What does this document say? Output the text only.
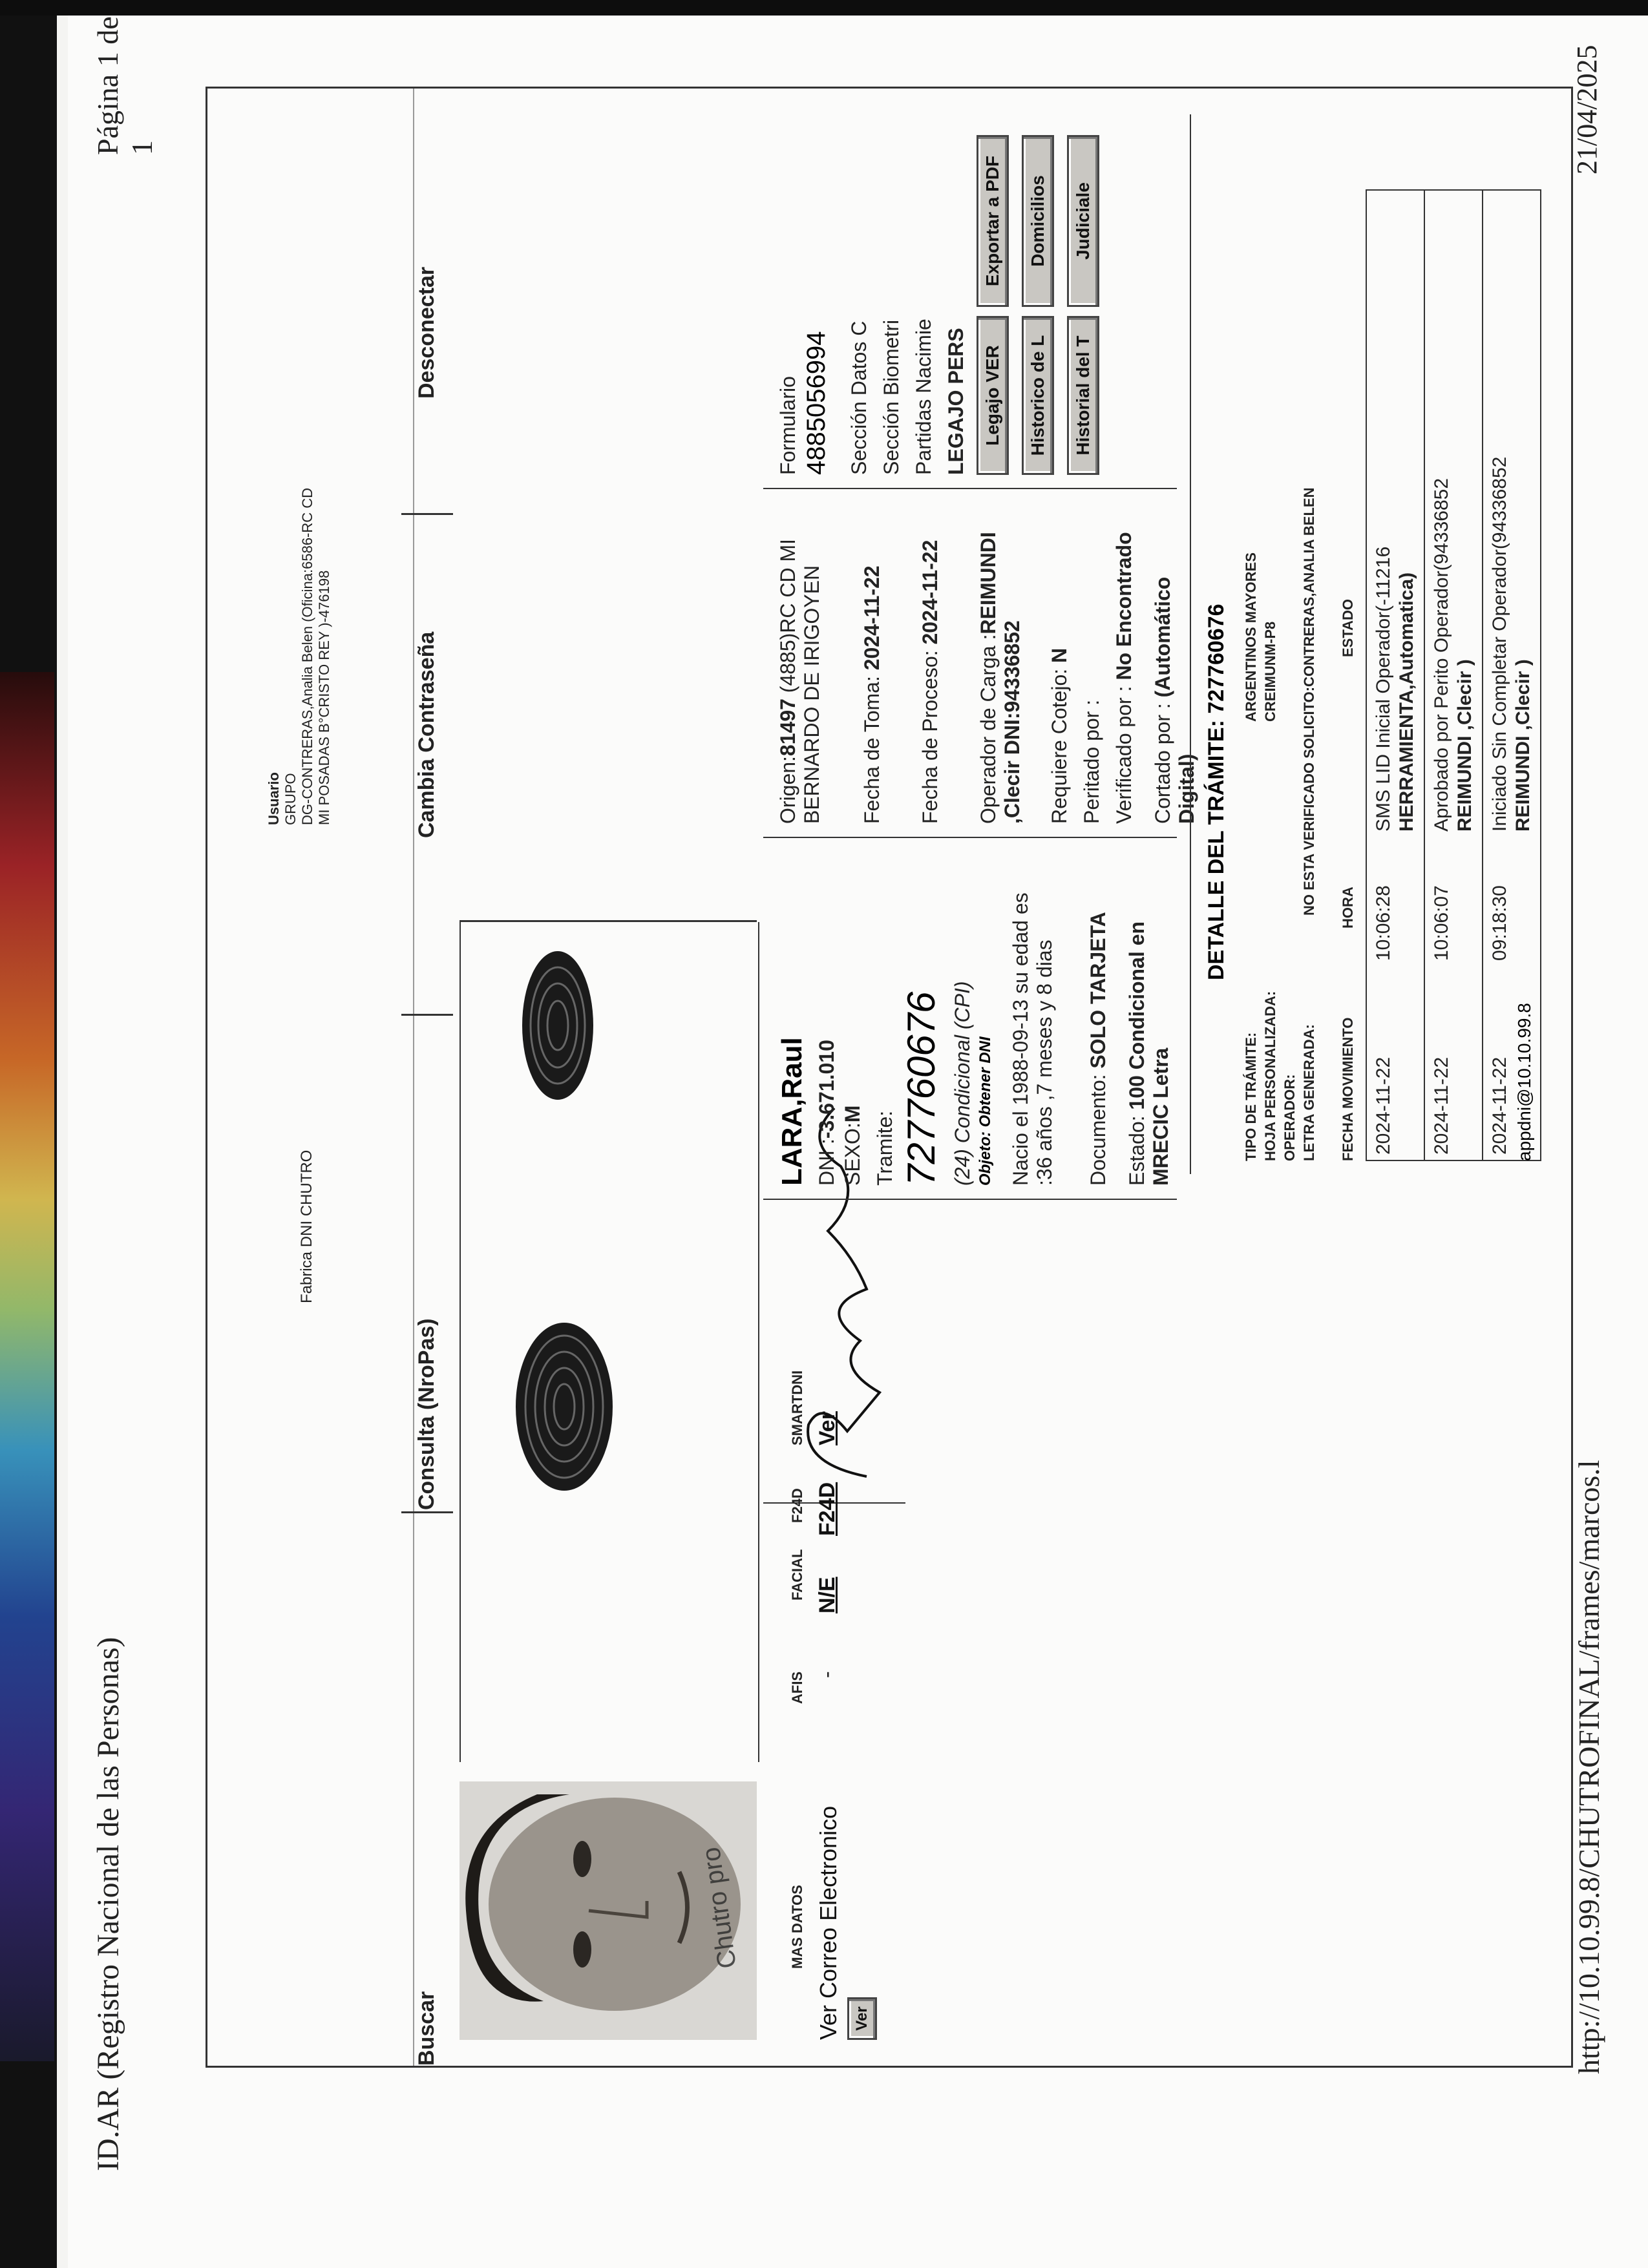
ID.AR (Registro Nacional de las Personas)
Página 1 de 1
Buscar
Consulta (NroPas)
Cambia Contraseña
Desconectar
Usuario GRUPO DG-CONTRERAS,Analia Belen (Oficina:6586-RC CD MI POSADAS B°CRISTO REY )-476198
Fabrica DNI CHUTRO
Chutro pro
AFIS
FACIAL
F24D
SMARTDNI
-
N/E
F24D
Ver
MAS DATOS Ver Correo Electronico Ver
LARA,Raul DNI :-3.671.010
SEXO:M Tramite: 727760676 (24) Condicional (CPI) Objeto: Obtener DNI Nacio el 1988-09-13 su edad es :36 años ,7 meses y 8 dias Documento: SOLO TARJETA
Estado: 100 Condicional en MRECIC Letra
Origen:81497 (4885)RC CD MI BERNARDO DE IRIGOYEN Fecha de Toma: 2024-11-22
Fecha de Proceso: 2024-11-22
Operador de Carga :REIMUNDI ,Clecir DNI:94336852 Requiere Cotejo: N
Peritado por : Verificado por : No Encontrado
Cortado por : (Automático Digital)
Formulario 4885056994 Sección Datos C Sección Biometri Partidas Nacimie LEGAJO PERS Legajo VER
Exportar a PDF
Historico de L
Domicilios
Historial del T
Judiciale
DETALLE DEL TRÁMITE: 727760676
TIPO DE TRÁMITE:
ARGENTINOS MAYORES
HOJA PERSONALIZADA:
CREIMUNM-P8
OPERADOR: LETRA GENERADA:
NO ESTA VERIFICADO SOLICITO:CONTRERAS,ANALIA BELEN
FECHA MOVIMIENTO
HORA
ESTADO
2024-11-22
10:06:28
SMS LID Inicial Operador(-11216 HERRAMIENTA,Automatica)
2024-11-22
10:06:07
Aprobado por Perito Operador(94336852 REIMUNDI ,Clecir )
2024-11-22
09:18:30
Iniciado Sin Completar Operador(94336852 REIMUNDI ,Clecir )
appdni@10.10.99.8
http://10.10.99.8/CHUTROFINAL/frames/marcos.l
21/04/2025
